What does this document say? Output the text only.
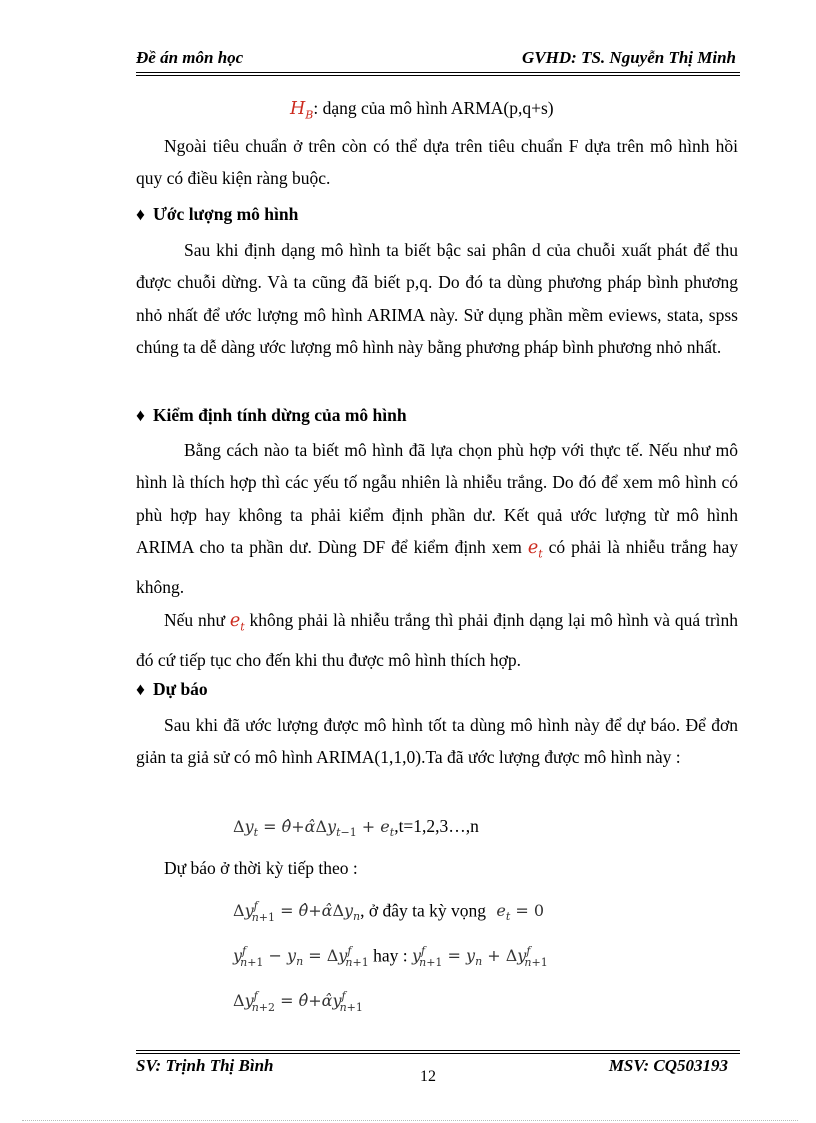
Đề án môn học	GVHD: TS. Nguyễn Thị Minh
$H_B$: dạng của mô hình ARMA(p,q+s)

Ngoài tiêu chuẩn ở trên còn có thể dựa trên tiêu chuẩn F dựa trên mô hình hồi quy có điều kiện ràng buộc.

♦ Ước lượng mô hình

Sau khi định dạng mô hình ta biết bậc sai phân d của chuỗi xuất phát để thu được chuỗi dừng. Và ta cũng đã biết p,q. Do đó ta dùng phương pháp bình phương nhỏ nhất để ước lượng mô hình ARIMA này. Sử dụng phần mềm eviews, stata, spss chúng ta dễ dàng ước lượng mô hình này bằng phương pháp bình phương nhỏ nhất.

♦ Kiểm định tính dừng của mô hình

Bằng cách nào ta biết mô hình đã lựa chọn phù hợp với thực tế. Nếu như mô hình là thích hợp thì các yếu tố ngẫu nhiên là nhiễu trắng. Do đó để xem mô hình có phù hợp hay không ta phải kiểm định phần dư. Kết quả ước lượng từ mô hình ARIMA cho ta phần dư. Dùng DF để kiểm định xem $e_t$ có phải là nhiễu trắng hay không.

Nếu như $e_t$ không phải là nhiễu trắng thì phải định dạng lại mô hình và quá trình đó cứ tiếp tục cho đến khi thu được mô hình thích hợp.

♦ Dự báo

Sau khi đã ước lượng được mô hình tốt ta dùng mô hình này để dự báo. Để đơn giản ta giả sử có mô hình ARIMA(1,1,0).Ta đã ước lượng được mô hình này :

$\Delta y_t$ = $\thetâ+\alphâ\Delta y_{t-1}$ + $e_t,t=1,2,3\dots,n$
Dự báo ở thời kỳ tiếp theo :
$\Delta y^f_{n+1}$ = $\thetâ+\alphâ\Delta y_n$, ở đây ta kỳ vọng $e_t = 0$
$y^f_{n+1} - y_n = \Delta y^f_{n+1}$ hay : $y^f_{n+1} = y_n + \Delta y^f_{n+1}$
$\Delta y^f_{n+2}$ = $\thetâ+\alphây^f_{n+1}$
SV: Trịnh Thị Bình	MSV: CQ503193
12
